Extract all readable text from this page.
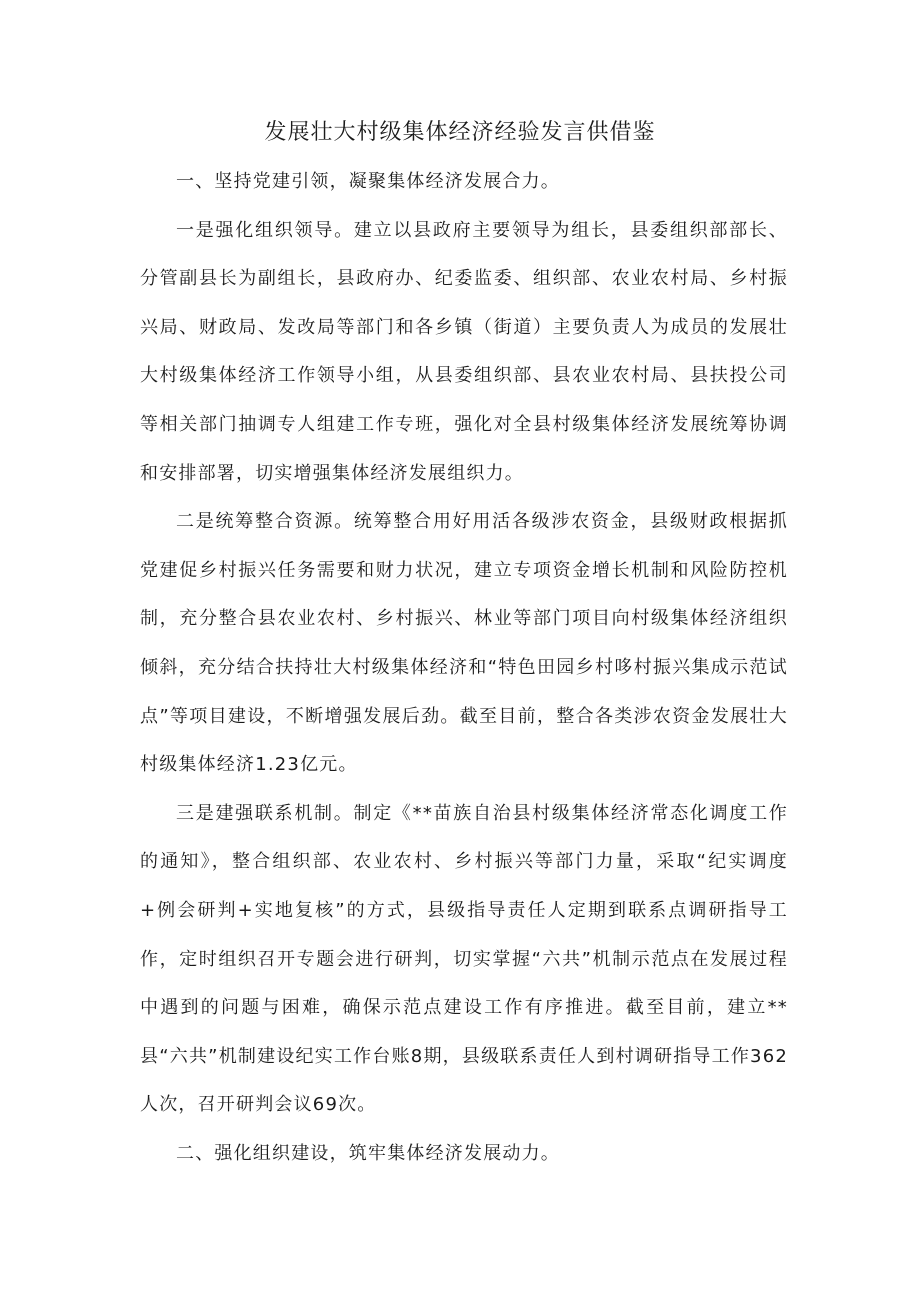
发展壮大村级集体经济经验发言供借鉴

一、坚持党建引领，凝聚集体经济发展合力。

一是强化组织领导。建立以县政府主要领导为组长，县委组织部部长、分管副县长为副组长，县政府办、纪委监委、组织部、农业农村局、乡村振兴局、财政局、发改局等部门和各乡镇（街道）主要负责人为成员的发展壮大村级集体经济工作领导小组，从县委组织部、县农业农村局、县扶投公司等相关部门抽调专人组建工作专班，强化对全县村级集体经济发展统筹协调和安排部署，切实增强集体经济发展组织力。

二是统筹整合资源。统筹整合用好用活各级涉农资金，县级财政根据抓党建促乡村振兴任务需要和财力状况，建立专项资金增长机制和风险防控机制，充分整合县农业农村、乡村振兴、林业等部门项目向村级集体经济组织倾斜，充分结合扶持壮大村级集体经济和“特色田园乡村哆村振兴集成示范试点”等项目建设，不断增强发展后劲。截至目前，整合各类涉农资金发展壮大村级集体经济1.23亿元。

三是建强联系机制。制定《**苗族自治县村级集体经济常态化调度工作的通知》，整合组织部、农业农村、乡村振兴等部门力量，采取“纪实调度+例会研判+实地复核”的方式，县级指导责任人定期到联系点调研指导工作，定时组织召开专题会进行研判，切实掌握“六共”机制示范点在发展过程中遇到的问题与困难，确保示范点建设工作有序推进。截至目前，建立**县“六共”机制建设纪实工作台账8期，县级联系责任人到村调研指导工作362人次，召开研判会议69次。

二、强化组织建设，筑牢集体经济发展动力。
